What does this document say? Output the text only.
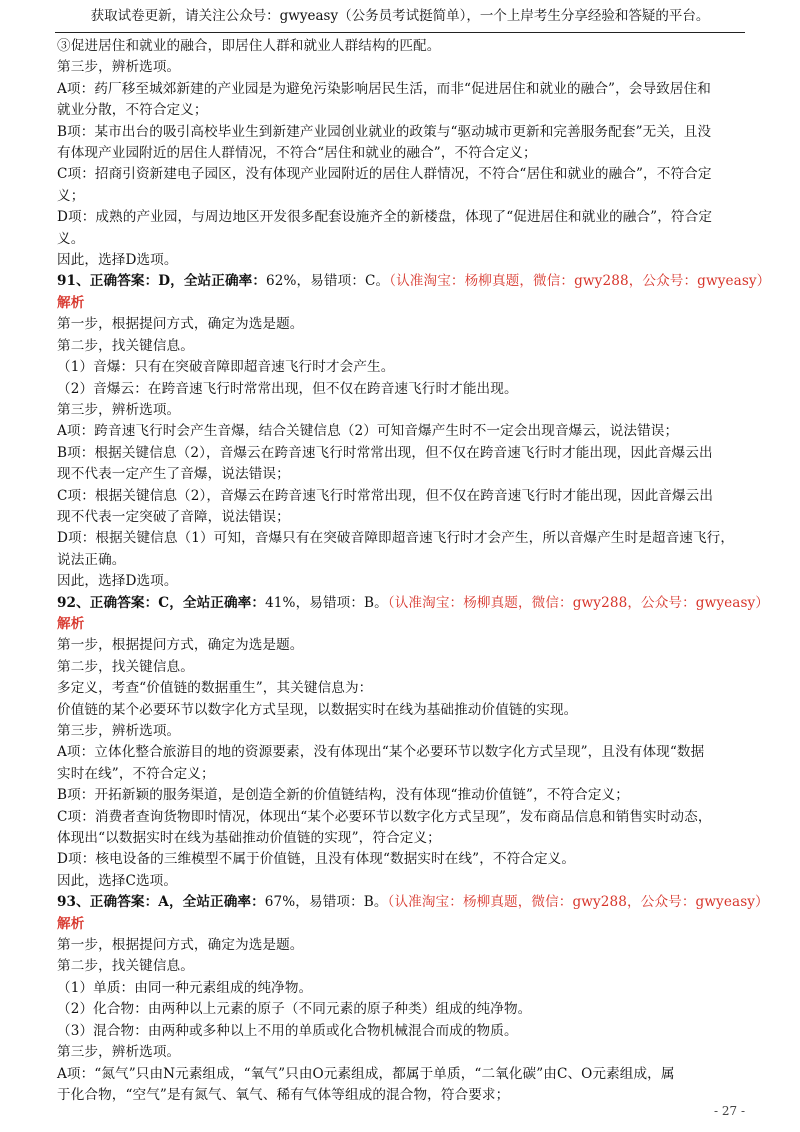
获取试卷更新，请关注公众号：gwyeasy（公务员考试挺简单），一个上岸考生分享经验和答疑的平台。
③促进居住和就业的融合，即居住人群和就业人群结构的匹配。
第三步，辨析选项。
A项：药厂移至城郊新建的产业园是为避免污染影响居民生活，而非“促进居住和就业的融合”，会导致居住和
就业分散，不符合定义；
B项：某市出台的吸引高校毕业生到新建产业园创业就业的政策与“驱动城市更新和完善服务配套”无关，且没
有体现产业园附近的居住人群情况，不符合“居住和就业的融合”，不符合定义；
C项：招商引资新建电子园区，没有体现产业园附近的居住人群情况，不符合“居住和就业的融合”，不符合定
义；
D项：成熟的产业园，与周边地区开发很多配套设施齐全的新楼盘，体现了“促进居住和就业的融合”，符合定
义。
因此，选择D选项。
91、正确答案：D，全站正确率：62%，易错项：C。（认准淘宝：杨柳真题，微信：gwy288，公众号：gwyeasy）
解析
第一步，根据提问方式，确定为选是题。
第二步，找关键信息。
（1）音爆：只有在突破音障即超音速飞行时才会产生。
（2）音爆云：在跨音速飞行时常常出现，但不仅在跨音速飞行时才能出现。
第三步，辨析选项。
A项：跨音速飞行时会产生音爆，结合关键信息（2）可知音爆产生时不一定会出现音爆云，说法错误；
B项：根据关键信息（2），音爆云在跨音速飞行时常常出现，但不仅在跨音速飞行时才能出现，因此音爆云出
现不代表一定产生了音爆，说法错误；
C项：根据关键信息（2），音爆云在跨音速飞行时常常出现，但不仅在跨音速飞行时才能出现，因此音爆云出
现不代表一定突破了音障，说法错误；
D项：根据关键信息（1）可知，音爆只有在突破音障即超音速飞行时才会产生，所以音爆产生时是超音速飞行，
说法正确。
因此，选择D选项。
92、正确答案：C，全站正确率：41%，易错项：B。（认准淘宝：杨柳真题，微信：gwy288，公众号：gwyeasy）
解析
第一步，根据提问方式，确定为选是题。
第二步，找关键信息。
多定义，考查“价值链的数据重生”，其关键信息为：
价值链的某个必要环节以数字化方式呈现，以数据实时在线为基础推动价值链的实现。
第三步，辨析选项。
A项：立体化整合旅游目的地的资源要素，没有体现出“某个必要环节以数字化方式呈现”，且没有体现“数据
实时在线”，不符合定义；
B项：开拓新颖的服务渠道，是创造全新的价值链结构，没有体现“推动价值链”，不符合定义；
C项：消费者查询货物即时情况，体现出“某个必要环节以数字化方式呈现”，发布商品信息和销售实时动态，
体现出“以数据实时在线为基础推动价值链的实现”，符合定义；
D项：核电设备的三维模型不属于价值链，且没有体现“数据实时在线”，不符合定义。
因此，选择C选项。
93、正确答案：A，全站正确率：67%，易错项：B。（认准淘宝：杨柳真题，微信：gwy288，公众号：gwyeasy）
解析
第一步，根据提问方式，确定为选是题。
第二步，找关键信息。
（1）单质：由同一种元素组成的纯净物。
（2）化合物：由两种以上元素的原子（不同元素的原子种类）组成的纯净物。
（3）混合物：由两种或多种以上不用的单质或化合物机械混合而成的物质。
第三步，辨析选项。
A项：“氮气”只由N元素组成，“氧气”只由O元素组成，都属于单质，“二氧化碳”由C、O元素组成，属
于化合物，“空气”是有氮气、氧气、稀有气体等组成的混合物，符合要求；
- 27 -
